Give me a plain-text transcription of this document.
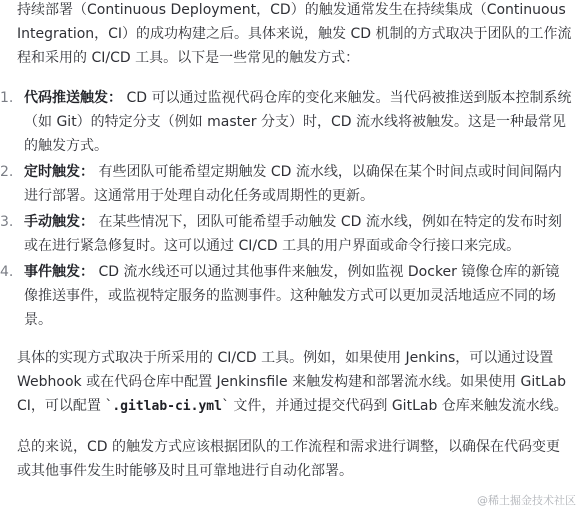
持续部署（Continuous Deployment，CD）的触发通常发生在持续集成（Continuous Integration，CI）的成功构建之后。具体来说，触发 CD 机制的方式取决于团队的工作流程和采用的 CI/CD 工具。以下是一些常见的触发方式：

1. 代码推送触发： CD 可以通过监视代码仓库的变化来触发。当代码被推送到版本控制系统（如 Git）的特定分支（例如 master 分支）时，CD 流水线将被触发。这是一种最常见的触发方式。
2. 定时触发： 有些团队可能希望定期触发 CD 流水线，以确保在某个时间点或时间间隔内进行部署。这通常用于处理自动化任务或周期性的更新。
3. 手动触发： 在某些情况下，团队可能希望手动触发 CD 流水线，例如在特定的发布时刻或在进行紧急修复时。这可以通过 CI/CD 工具的用户界面或命令行接口来完成。
4. 事件触发： CD 流水线还可以通过其他事件来触发，例如监视 Docker 镜像仓库的新镜像推送事件，或监视特定服务的监测事件。这种触发方式可以更加灵活地适应不同的场景。

具体的实现方式取决于所采用的 CI/CD 工具。例如，如果使用 Jenkins，可以通过设置 Webhook 或在代码仓库中配置 Jenkinsfile 来触发构建和部署流水线。如果使用 GitLab CI，可以配置 `.gitlab-ci.yml` 文件，并通过提交代码到 GitLab 仓库来触发流水线。

总的来说，CD 的触发方式应该根据团队的工作流程和需求进行调整，以确保在代码变更或其他事件发生时能够及时且可靠地进行自动化部署。

@稀土掘金技术社区
